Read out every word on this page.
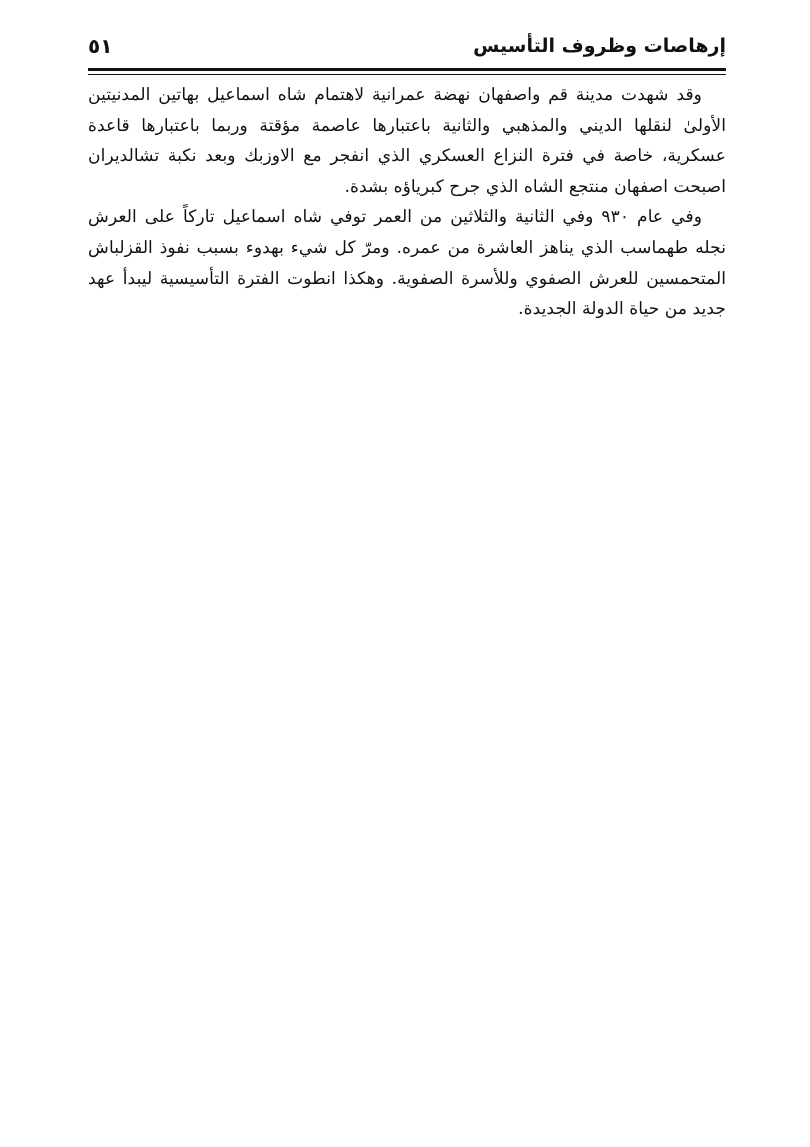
إرهاصات وظروف التأسيس
٥١

وقد شهدت مدينة قم واصفهان نهضة عمرانية لاهتمام شاه اسماعيل بهاتين المدنيتين الأولىٰ لنقلها الديني والمذهبي والثانية باعتبارها عاصمة مؤقتة وربما باعتبارها قاعدة عسكرية، خاصة في فترة النزاع العسكري الذي انفجر مع الاوزبك وبعد نكبة تشالديران اصبحت اصفهان منتجع الشاه الذي جرح كبرياؤه بشدة.

وفي عام ٩٣٠ وفي الثانية والثلاثين من العمر توفي شاه اسماعيل تاركاً على العرش نجله طهماسب الذي يناهز العاشرة من عمره. ومرّ كل شيء بهدوء بسبب نفوذ القزلباش المتحمسين للعرش الصفوي وللأسرة الصفوية. وهكذا انطوت الفترة التأسيسية ليبدأ عهد جديد من حياة الدولة الجديدة.
